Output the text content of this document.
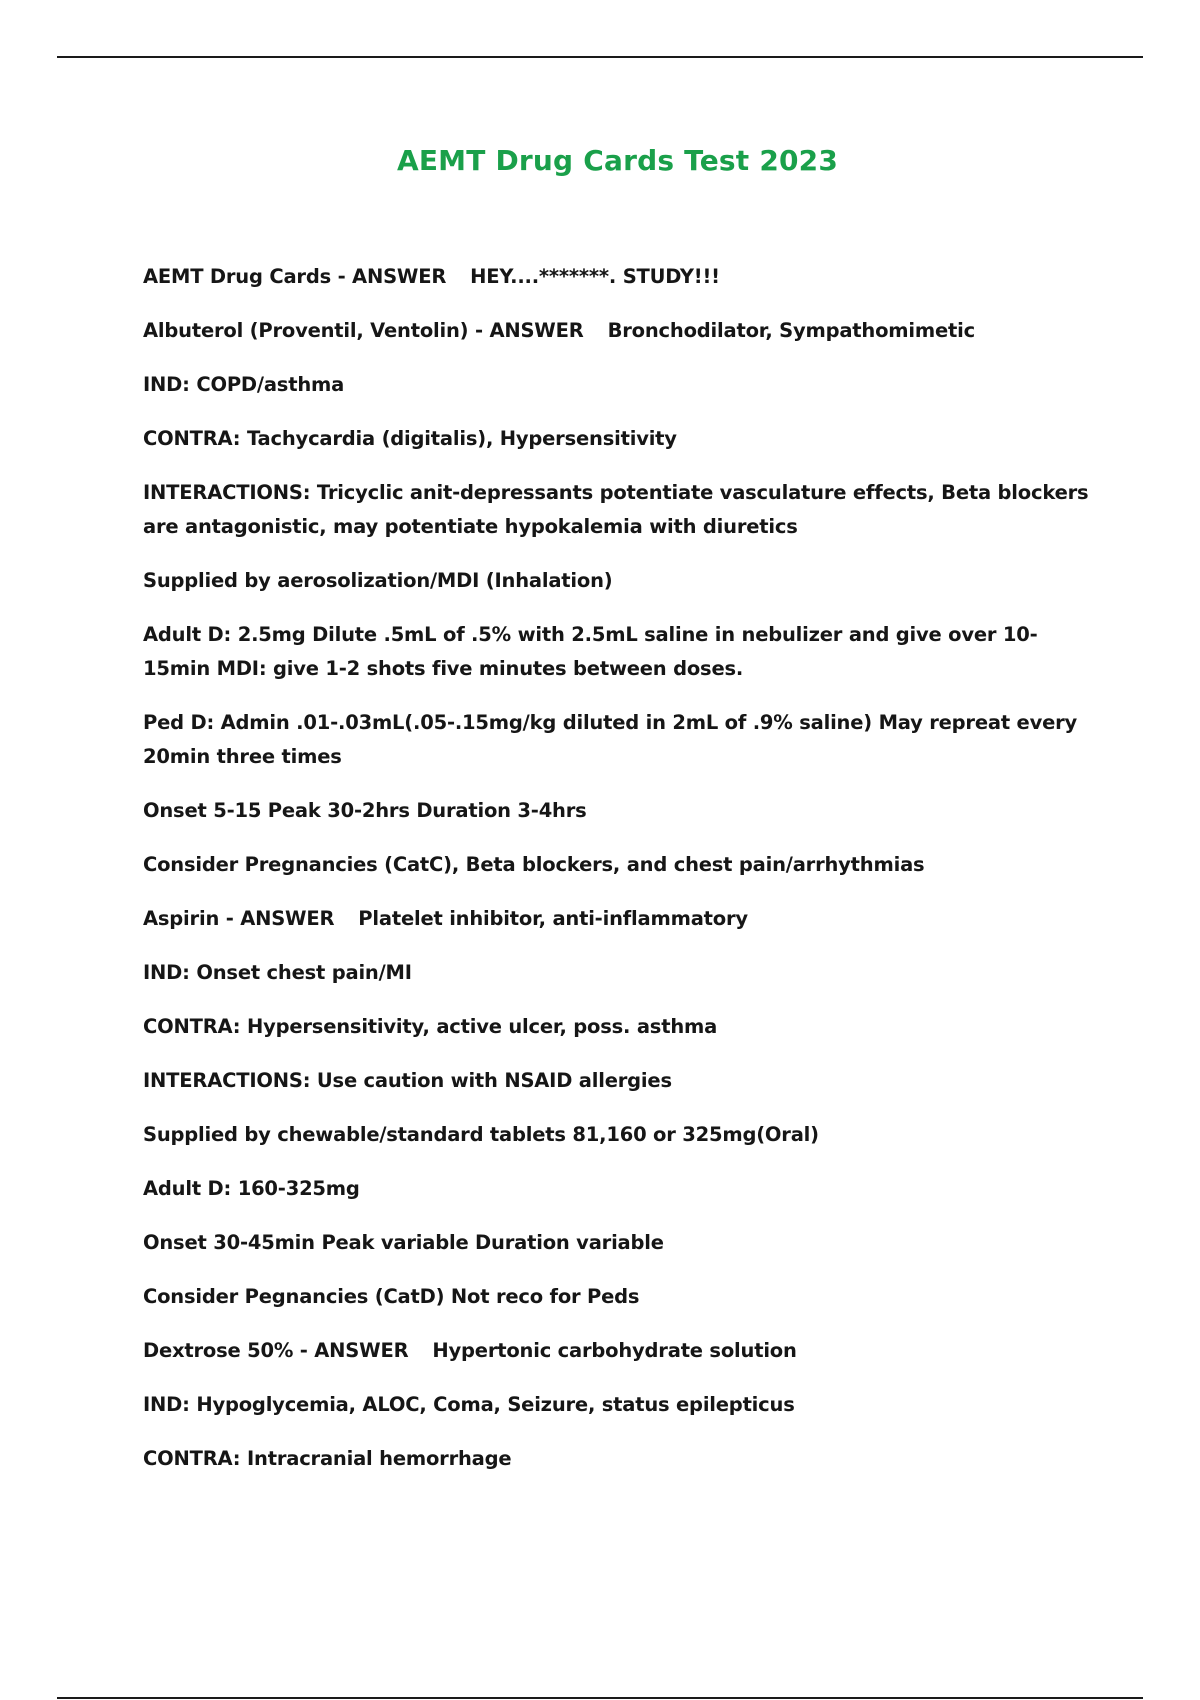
AEMT Drug Cards Test 2023

AEMT Drug Cards - ANSWER HEY....*******. STUDY!!!

Albuterol (Proventil, Ventolin) - ANSWER Bronchodilator, Sympathomimetic

IND: COPD/asthma

CONTRA: Tachycardia (digitalis), Hypersensitivity

INTERACTIONS: Tricyclic anit-depressants potentiate vasculature effects, Beta blockers are antagonistic, may potentiate hypokalemia with diuretics

Supplied by aerosolization/MDI (Inhalation)

Adult D: 2.5mg Dilute .5mL of .5% with 2.5mL saline in nebulizer and give over 10-15min MDI: give 1-2 shots five minutes between doses.

Ped D: Admin .01-.03mL(.05-.15mg/kg diluted in 2mL of .9% saline) May repreat every 20min three times

Onset 5-15 Peak 30-2hrs Duration 3-4hrs

Consider Pregnancies (CatC), Beta blockers, and chest pain/arrhythmias

Aspirin - ANSWER Platelet inhibitor, anti-inflammatory

IND: Onset chest pain/MI

CONTRA: Hypersensitivity, active ulcer, poss. asthma

INTERACTIONS: Use caution with NSAID allergies

Supplied by chewable/standard tablets 81,160 or 325mg(Oral)

Adult D: 160-325mg

Onset 30-45min Peak variable Duration variable

Consider Pegnancies (CatD) Not reco for Peds

Dextrose 50% - ANSWER Hypertonic carbohydrate solution

IND: Hypoglycemia, ALOC, Coma, Seizure, status epilepticus

CONTRA: Intracranial hemorrhage
